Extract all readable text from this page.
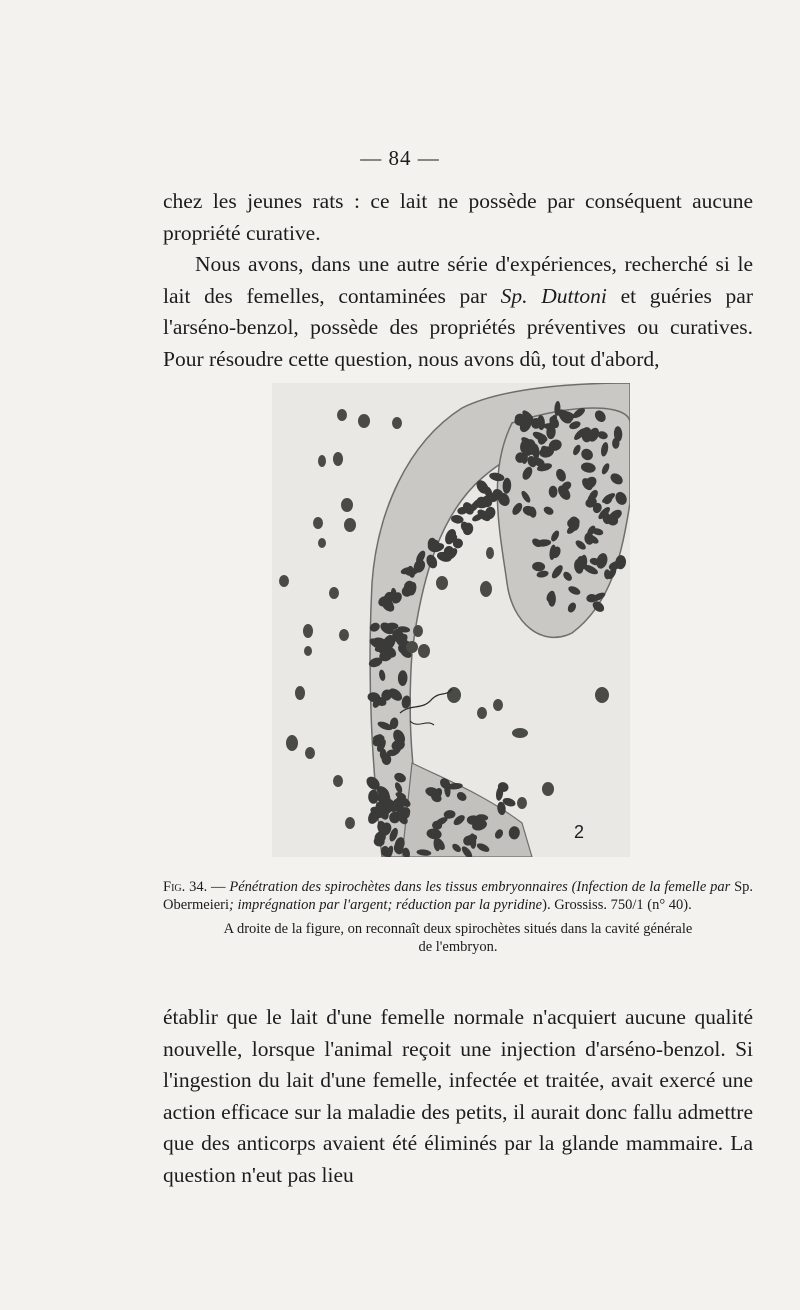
— 84 —

chez les jeunes rats : ce lait ne possède par conséquent aucune
propriété curative.

Nous avons, dans une autre série d'expériences, recherché si le lait des femelles, contaminées par Sp. Duttoni et guéries par l'arséno-benzol, possède des propriétés préventives ou curatives. Pour résoudre cette question, nous avons dû, tout d'abord,

2

Fig. 34. — Pénétration des spirochètes dans les tissus embryonnaires (Infection de la femelle par Sp. Obermeieri; imprégnation par l'argent; réduction par la pyridine). Grossiss. 750/1 (n° 40).

A droite de la figure, on reconnaît deux spirochètes situés dans la cavité générale de l'embryon.

établir que le lait d'une femelle normale n'acquiert aucune qualité nouvelle, lorsque l'animal reçoit une injection d'arséno-benzol. Si l'ingestion du lait d'une femelle, infectée et traitée, avait exercé une action efficace sur la maladie des petits, il aurait donc fallu admettre que des anticorps avaient été éliminés par la glande mammaire. La question n'eut pas lieu
